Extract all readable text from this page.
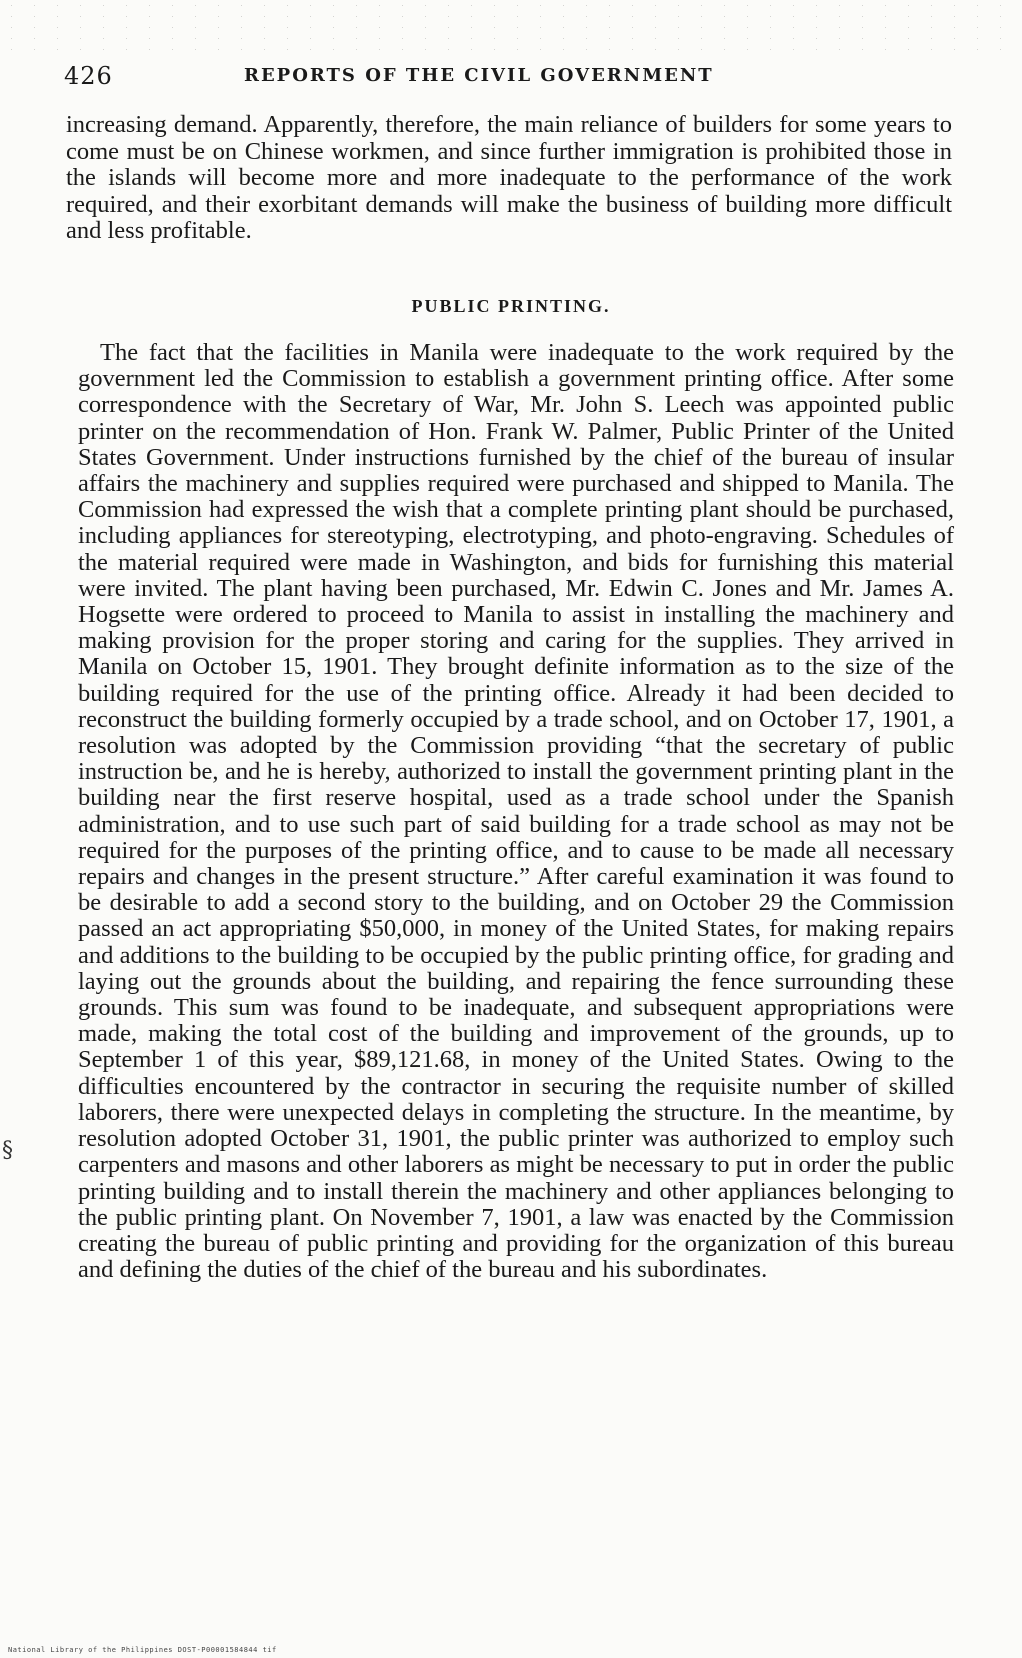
426	REPORTS OF THE CIVIL GOVERNMENT

increasing demand. Apparently, therefore, the main reliance of builders for some years to come must be on Chinese workmen, and since further immigration is prohibited those in the islands will become more and more inadequate to the performance of the work required, and their exorbitant demands will make the business of building more difficult and less profitable.

PUBLIC PRINTING.

The fact that the facilities in Manila were inadequate to the work required by the government led the Commission to establish a government printing office. After some correspondence with the Secretary of War, Mr. John S. Leech was appointed public printer on the recommendation of Hon. Frank W. Palmer, Public Printer of the United States Government. Under instructions furnished by the chief of the bureau of insular affairs the machinery and supplies required were purchased and shipped to Manila. The Commission had expressed the wish that a complete printing plant should be purchased, including appliances for stereotyping, electrotyping, and photo-engraving. Schedules of the material required were made in Washington, and bids for furnishing this material were invited. The plant having been purchased, Mr. Edwin C. Jones and Mr. James A. Hogsette were ordered to proceed to Manila to assist in installing the machinery and making provision for the proper storing and caring for the supplies. They arrived in Manila on October 15, 1901. They brought definite information as to the size of the building required for the use of the printing office. Already it had been decided to reconstruct the building formerly occupied by a trade school, and on October 17, 1901, a resolution was adopted by the Commission providing “that the secretary of public instruction be, and he is hereby, authorized to install the government printing plant in the building near the first reserve hospital, used as a trade school under the Spanish administration, and to use such part of said building for a trade school as may not be required for the purposes of the printing office, and to cause to be made all necessary repairs and changes in the present structure.” After careful examination it was found to be desirable to add a second story to the building, and on October 29 the Commission passed an act appropriating $50,000, in money of the United States, for making repairs and additions to the building to be occupied by the public printing office, for grading and laying out the grounds about the building, and repairing the fence surrounding these grounds. This sum was found to be inadequate, and subsequent appropriations were made, making the total cost of the building and improvement of the grounds, up to September 1 of this year, $89,121.68, in money of the United States. Owing to the difficulties encountered by the contractor in securing the requisite number of skilled laborers, there were unexpected delays in completing the structure. In the meantime, by resolution adopted October 31, 1901, the public printer was authorized to employ such carpenters and masons and other laborers as might be necessary to put in order the public printing building and to install therein the machinery and other appliances belonging to the public printing plant. On November 7, 1901, a law was enacted by the Commission creating the bureau of public printing and providing for the organization of this bureau and defining the duties of the chief of the bureau and his subordinates.

§
National Library of the Philippines DOST-P00001584844 tif
